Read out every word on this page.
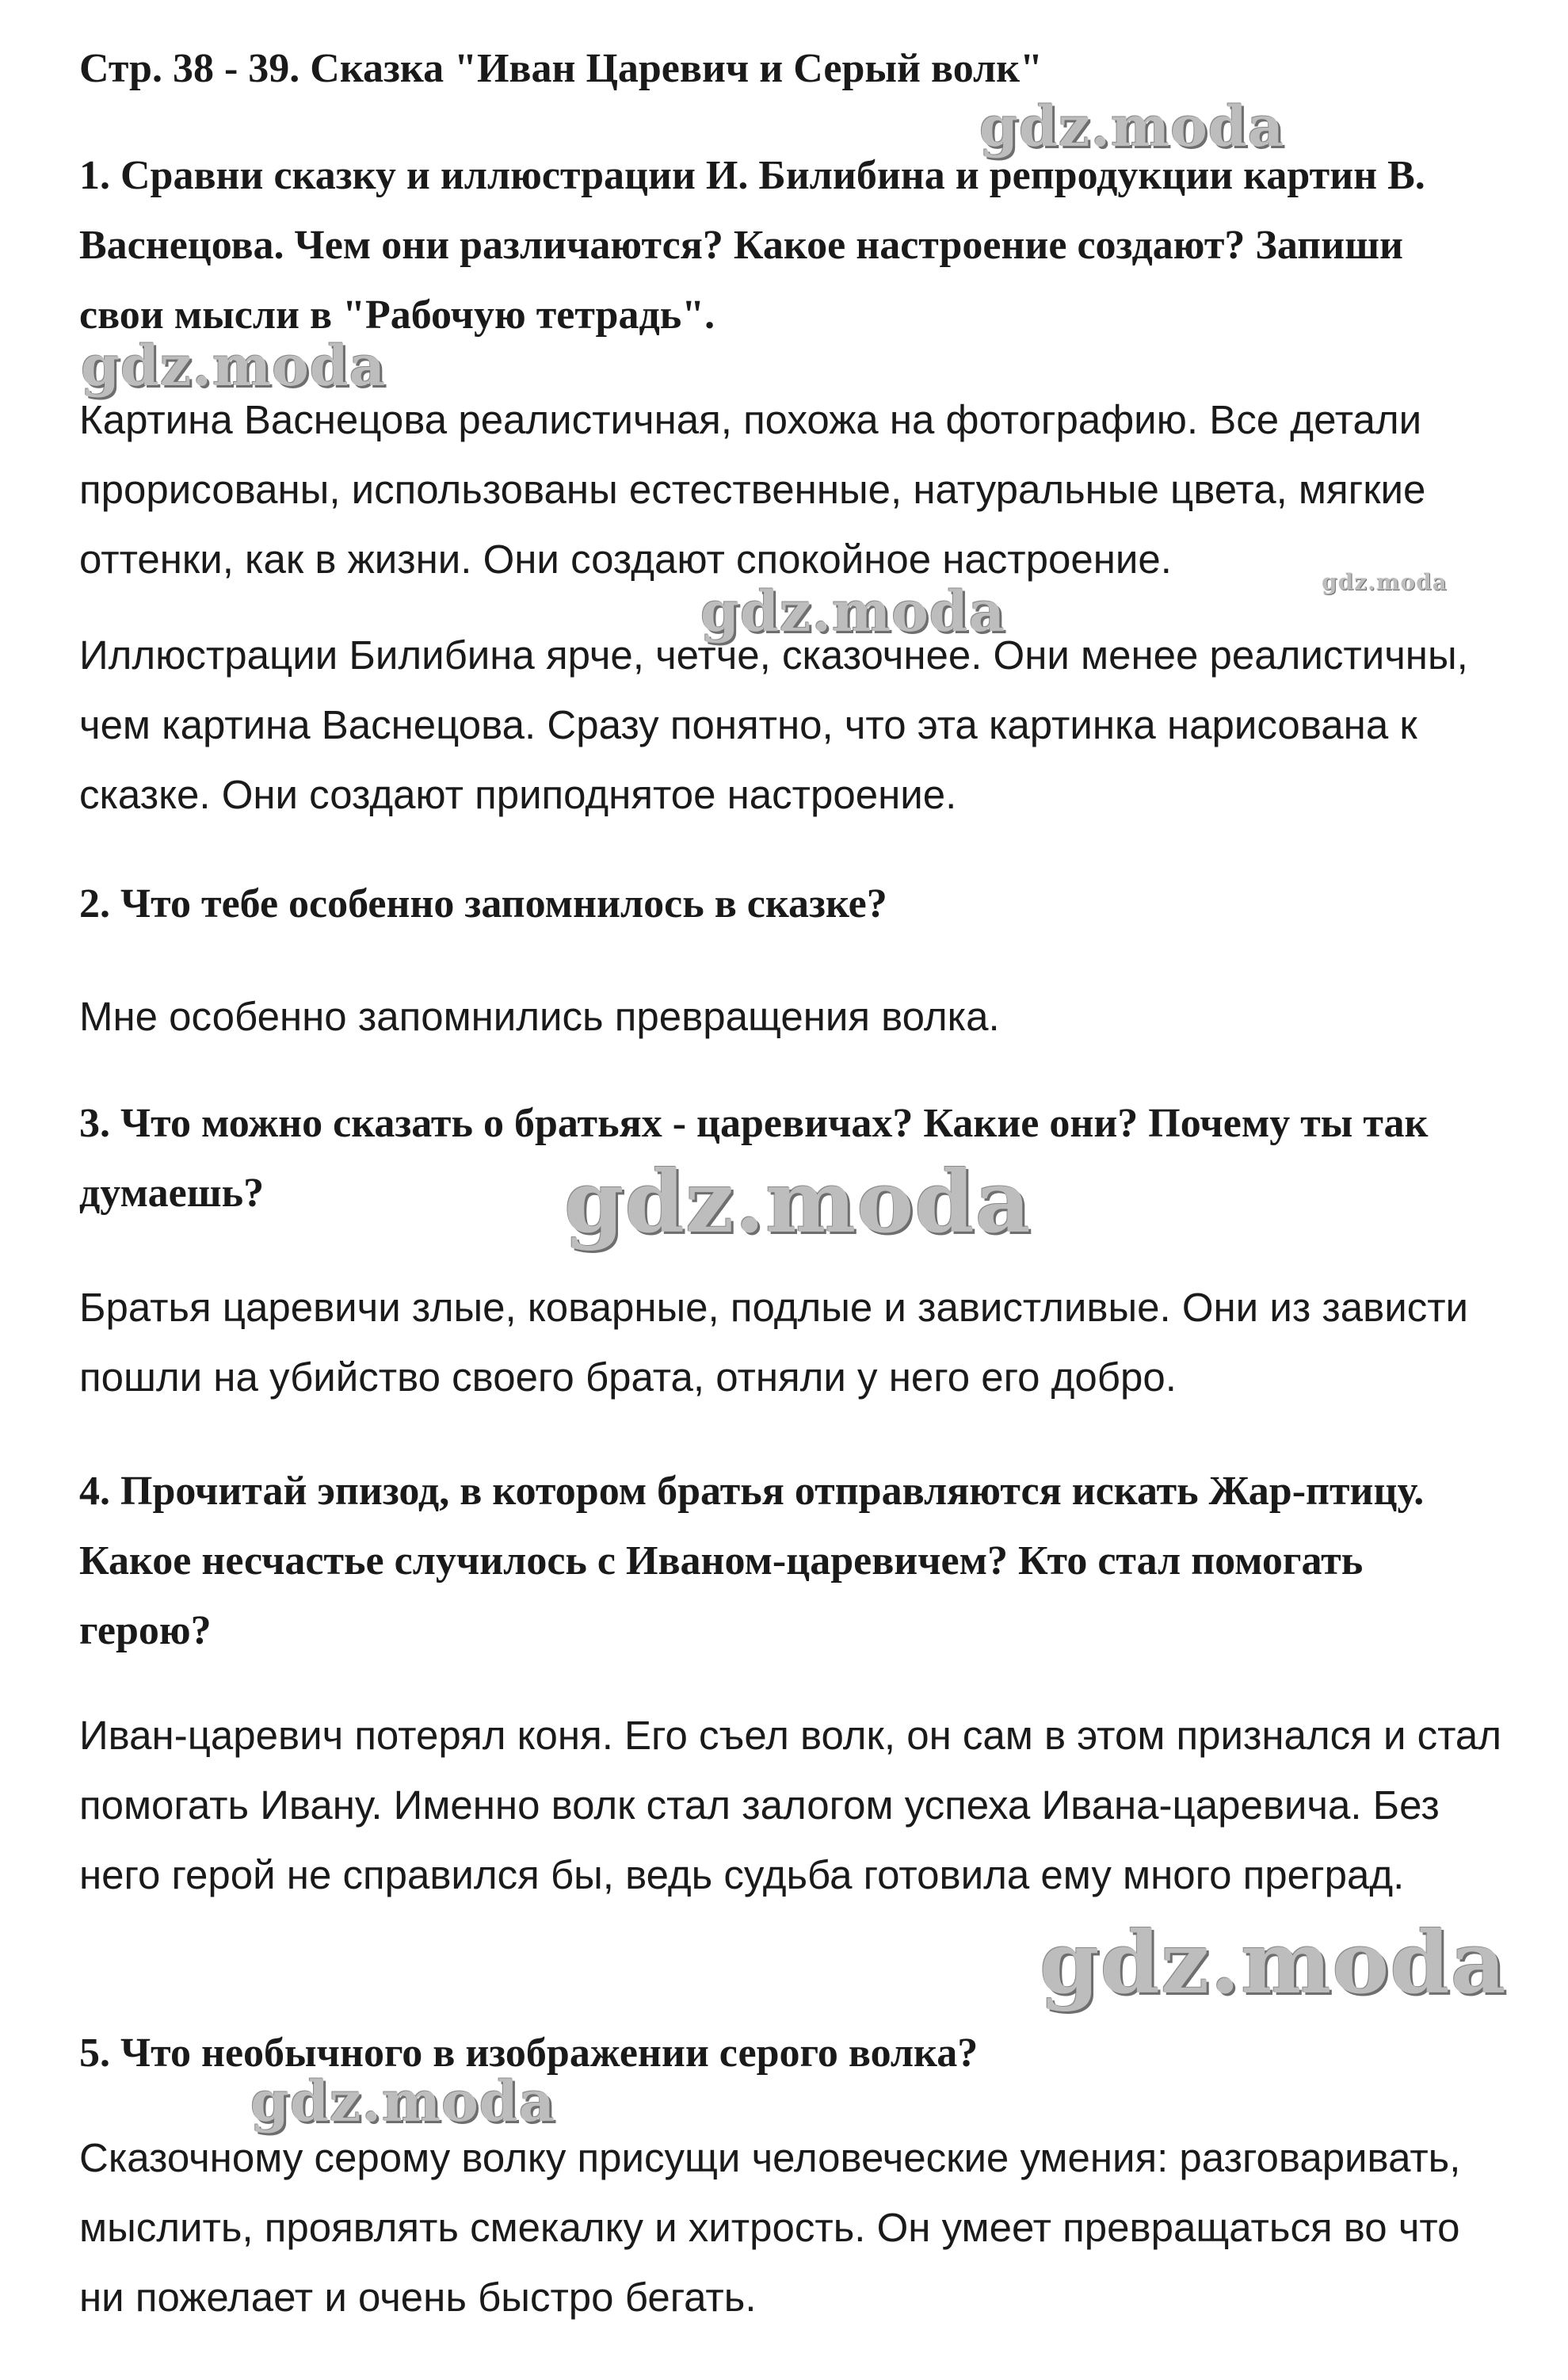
Стр. 38 - 39. Сказка "Иван Царевич и Серый волк"

1. Сравни сказку и иллюстрации И. Билибина и репродукции картин В. Васнецова. Чем они различаются? Какое настроение создают? Запиши свои мысли в "Рабочую тетрадь".

Картина Васнецова реалистичная, похожа на фотографию. Все детали прорисованы, использованы естественные, натуральные цвета, мягкие оттенки, как в жизни. Они создают спокойное настроение.

Иллюстрации Билибина ярче, четче, сказочнее. Они менее реалистичны, чем картина Васнецова. Сразу понятно, что эта картинка нарисована к сказке. Они создают приподнятое настроение.

2. Что тебе особенно запомнилось в сказке?

Мне особенно запомнились превращения волка.

3. Что можно сказать о братьях - царевичах? Какие они? Почему ты так думаешь?

Братья царевичи злые, коварные, подлые и завистливые. Они из зависти пошли на убийство своего брата, отняли у него его добро.

4. Прочитай эпизод, в котором братья отправляются искать Жар-птицу. Какое несчастье случилось с Иваном-царевичем? Кто стал помогать герою?

Иван-царевич потерял коня. Его съел волк, он сам в этом признался и стал помогать Ивану. Именно волк стал залогом успеха Ивана-царевича. Без него герой не справился бы, ведь судьба готовила ему много преград.

5. Что необычного в изображении серого волка?

Сказочному серому волку присущи человеческие умения: разговаривать, мыслить, проявлять смекалку и хитрость. Он умеет превращаться во что ни пожелает и очень быстро бегать.

gdz.moda
gdz.moda
gdz.moda
gdz.moda
gdz.moda
gdz.moda
gdz.moda
